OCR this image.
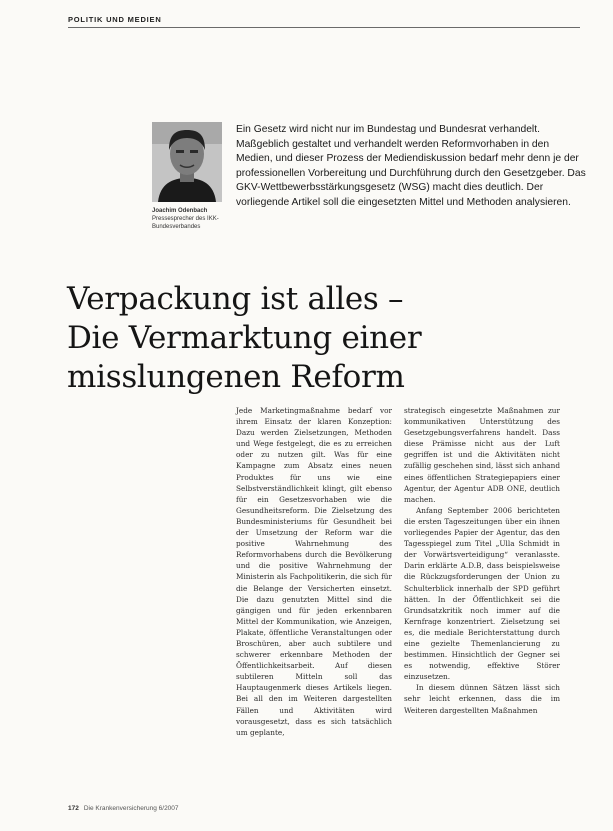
POLITIK UND MEDIEN
Joachim Odenbach
Pressesprecher des IKK-Bundesverbandes

Ein Gesetz wird nicht nur im Bundestag und Bundesrat verhandelt. Maßgeblich gestaltet und verhandelt werden Reformvorhaben in den Medien, und dieser Prozess der Mediendiskussion bedarf mehr denn je der professionellen Vorbereitung und Durchführung durch den Gesetzgeber. Das GKV-Wettbewerbsstärkungsgesetz (WSG) macht dies deutlich. Der vorliegende Artikel soll die eingesetzten Mittel und Methoden analysieren.

Verpackung ist alles –
Die Vermarktung einer
misslungenen Reform

Jede Marketingmaßnahme bedarf vor ihrem Einsatz der klaren Konzeption: Dazu werden Zielsetzungen, Methoden und Wege festgelegt, die es zu erreichen oder zu nutzen gilt. Was für eine Kampagne zum Absatz eines neuen Produktes für uns wie eine Selbstverständlichkeit klingt, gilt ebenso für ein Gesetzesvorhaben wie die Gesundheitsreform. Die Zielsetzung des Bundesministeriums für Gesundheit bei der Umsetzung der Reform war die positive Wahrnehmung des Reformvorhabens durch die Bevölkerung und die positive Wahrnehmung der Ministerin als Fachpolitikerin, die sich für die Belange der Versicherten einsetzt. Die dazu genutzten Mittel sind die gängigen und für jeden erkennbaren Mittel der Kommunikation, wie Anzeigen, Plakate, öffentliche Veranstaltungen oder Broschüren, aber auch subtilere und schwerer erkennbare Methoden der Öffentlichkeitsarbeit. Auf diesen subtileren Mitteln soll das Hauptaugenmerk dieses Artikels liegen. Bei all den im Weiteren dargestellten Fällen und Aktivitäten wird vorausgesetzt, dass es sich tatsächlich um geplante,

strategisch eingesetzte Maßnahmen zur kommunikativen Unterstützung des Gesetzgebungsverfahrens handelt. Dass diese Prämisse nicht aus der Luft gegriffen ist und die Aktivitäten nicht zufällig geschehen sind, lässt sich anhand eines öffentlichen Strategiepapiers einer Agentur, der Agentur ADB ONE, deutlich machen.

Anfang September 2006 berichteten die ersten Tageszeitungen über ein ihnen vorliegendes Papier der Agentur, das den Tagesspiegel zum Titel „Ulla Schmidt in der Vorwärtsverteidigung“ veranlasste. Darin erklärte A.D.B, dass beispielsweise die Rückzugsforderungen der Union zu Schulterblick innerhalb der SPD geführt hätten. In der Öffentlichkeit sei die Grundsatzkritik noch immer auf die Kernfrage konzentriert. Zielsetzung sei es, die mediale Berichterstattung durch eine gezielte Themenlancierung zu bestimmen. Hinsichtlich der Gegner sei es notwendig, effektive Störer einzusetzen.

In diesem dünnen Sätzen lässt sich sehr leicht erkennen, dass die im Weiteren dargestellten Maßnahmen

172 Die Krankenversicherung 6/2007
